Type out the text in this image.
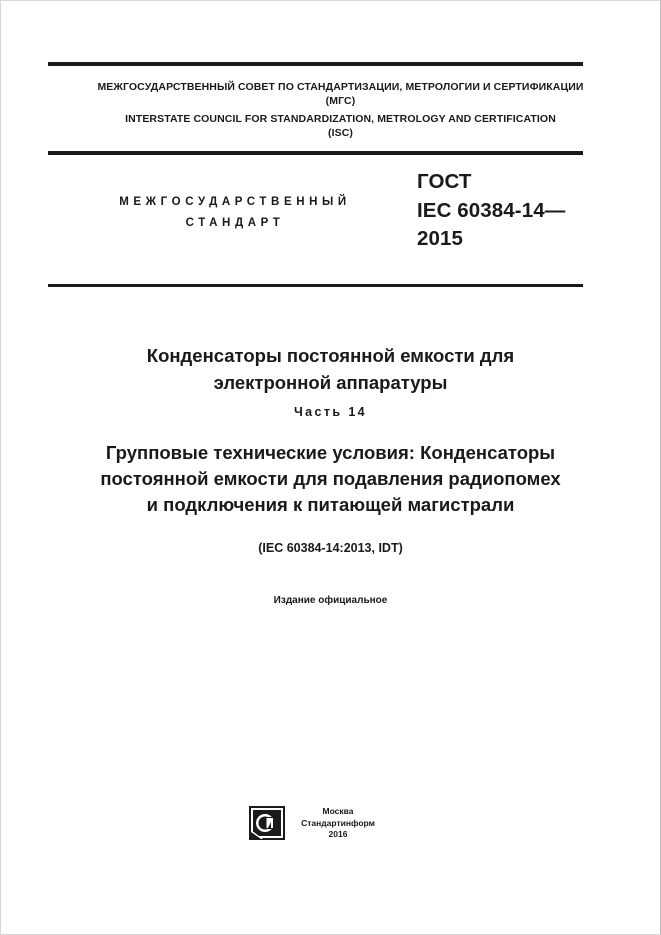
МЕЖГОСУДАРСТВЕННЫЙ СОВЕТ ПО СТАНДАРТИЗАЦИИ, МЕТРОЛОГИИ И СЕРТИФИКАЦИИ
(МГС)
INTERSTATE COUNCIL FOR STANDARDIZATION, METROLOGY AND CERTIFICATION
(ISC)
МЕЖГОСУДАРСТВЕННЫЙ
СТАНДАРТ
ГОСТ
IEC 60384-14—
2015
Конденсаторы постоянной емкости для
электронной аппаратуры
Часть 14
Групповые технические условия: Конденсаторы
постоянной емкости для подавления радиопомех
и подключения к питающей магистрали
(IEC 60384-14:2013, IDT)
Издание официальное
Москва
Стандартинформ
2016
